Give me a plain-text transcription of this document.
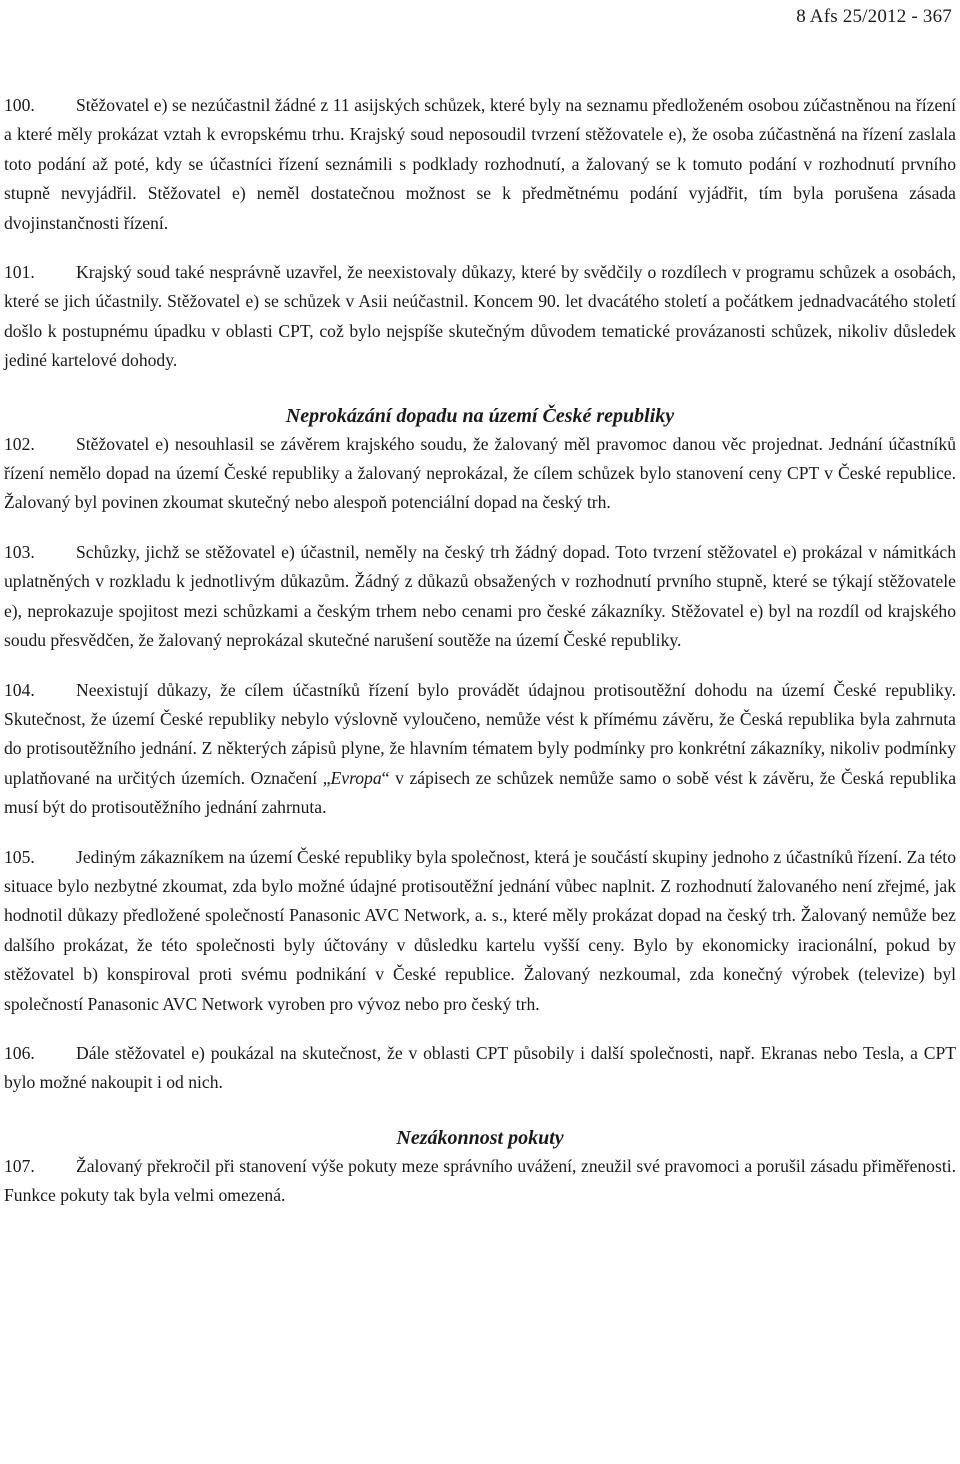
8 Afs 25/2012 - 367

100. Stěžovatel e) se nezúčastnil žádné z 11 asijských schůzek, které byly na seznamu předloženém osobou zúčastněnou na řízení a které měly prokázat vztah k evropskému trhu. Krajský soud neposoudil tvrzení stěžovatele e), že osoba zúčastněná na řízení zaslala toto podání až poté, kdy se účastníci řízení seznámili s podklady rozhodnutí, a žalovaný se k tomuto podání v rozhodnutí prvního stupně nevyjádřil. Stěžovatel e) neměl dostatečnou možnost se k předmětnému podání vyjádřit, tím byla porušena zásada dvojinstančnosti řízení.

101. Krajský soud také nesprávně uzavřel, že neexistovaly důkazy, které by svědčily o rozdílech v programu schůzek a osobách, které se jich účastnily. Stěžovatel e) se schůzek v Asii neúčastnil. Koncem 90. let dvacátého století a počátkem jednadvacátého století došlo k postupnému úpadku v oblasti CPT, což bylo nejspíše skutečným důvodem tematické provázanosti schůzek, nikoliv důsledek jediné kartelové dohody.

Neprokázání dopadu na území České republiky

102. Stěžovatel e) nesouhlasil se závěrem krajského soudu, že žalovaný měl pravomoc danou věc projednat. Jednání účastníků řízení nemělo dopad na území České republiky a žalovaný neprokázal, že cílem schůzek bylo stanovení ceny CPT v České republice. Žalovaný byl povinen zkoumat skutečný nebo alespoň potenciální dopad na český trh.

103. Schůzky, jichž se stěžovatel e) účastnil, neměly na český trh žádný dopad. Toto tvrzení stěžovatel e) prokázal v námitkách uplatněných v rozkladu k jednotlivým důkazům. Žádný z důkazů obsažených v rozhodnutí prvního stupně, které se týkají stěžovatele e), neprokazuje spojitost mezi schůzkami a českým trhem nebo cenami pro české zákazníky. Stěžovatel e) byl na rozdíl od krajského soudu přesvědčen, že žalovaný neprokázal skutečné narušení soutěže na území České republiky.

104. Neexistují důkazy, že cílem účastníků řízení bylo provádět údajnou protisoutěžní dohodu na území České republiky. Skutečnost, že území České republiky nebylo výslovně vyloučeno, nemůže vést k přímému závěru, že Česká republika byla zahrnuta do protisoutěžního jednání. Z některých zápisů plyne, že hlavním tématem byly podmínky pro konkrétní zákazníky, nikoliv podmínky uplatňované na určitých územích. Označení „Evropa“ v zápisech ze schůzek nemůže samo o sobě vést k závěru, že Česká republika musí být do protisoutěžního jednání zahrnuta.

105. Jediným zákazníkem na území České republiky byla společnost, která je součástí skupiny jednoho z účastníků řízení. Za této situace bylo nezbytné zkoumat, zda bylo možné údajné protisoutěžní jednání vůbec naplnit. Z rozhodnutí žalovaného není zřejmé, jak hodnotil důkazy předložené společností Panasonic AVC Network, a. s., které měly prokázat dopad na český trh. Žalovaný nemůže bez dalšího prokázat, že této společnosti byly účtovány v důsledku kartelu vyšší ceny. Bylo by ekonomicky iracionální, pokud by stěžovatel b) konspiroval proti svému podnikání v České republice. Žalovaný nezkoumal, zda konečný výrobek (televize) byl společností Panasonic AVC Network vyroben pro vývoz nebo pro český trh.

106. Dále stěžovatel e) poukázal na skutečnost, že v oblasti CPT působily i další společnosti, např. Ekranas nebo Tesla, a CPT bylo možné nakoupit i od nich.

Nezákonnost pokuty

107. Žalovaný překročil při stanovení výše pokuty meze správního uvážení, zneužil své pravomoci a porušil zásadu přiměřenosti. Funkce pokuty tak byla velmi omezená.
